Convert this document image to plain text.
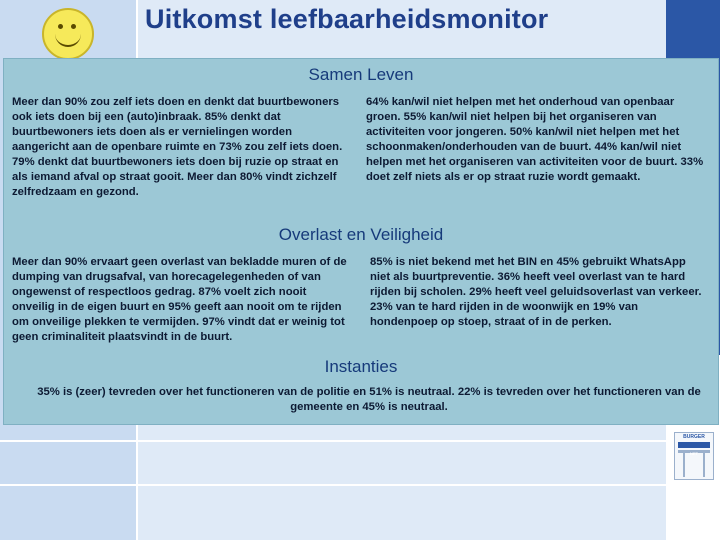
Uitkomst leefbaarheidsmonitor
Samen Leven
Meer dan 90% zou zelf iets doen en denkt dat buurtbewoners ook iets doen bij een (auto)inbraak. 85% denkt dat buurtbewoners iets doen als er vernielingen worden aangericht aan de openbare ruimte en 73% zou zelf iets doen. 79% denkt dat buurtbewoners iets doen bij ruzie op straat en als iemand afval op straat gooit. Meer dan 80% vindt zichzelf zelfredzaam en gezond.
64% kan/wil niet helpen met het onderhoud van openbaar groen. 55% kan/wil niet helpen bij het organiseren van activiteiten voor jongeren. 50% kan/wil niet helpen met het schoonmaken/onderhouden van de buurt. 44% kan/wil niet helpen met het organiseren van activiteiten voor de buurt. 33% doet zelf niets als er op straat ruzie wordt gemaakt.
Overlast en Veiligheid
Meer dan 90% ervaart geen overlast van bekladde muren of de dumping van drugsafval, van horecagelegenheden of van ongewenst of respectloos gedrag. 87% voelt zich nooit onveilig in de eigen buurt en 95% geeft aan nooit om te rijden om onveilige plekken te vermijden. 97% vindt dat er weinig tot geen criminaliteit plaatsvindt in de buurt.
85% is niet bekend met het BIN en 45% gebruikt WhatsApp niet als buurtpreventie. 36% heeft veel overlast van te hard rijden bij scholen. 29% heeft veel geluidsoverlast van verkeer. 23% van te hard rijden in de woonwijk en 19% van hondenpoep op stoep, straat of in de perken.
Instanties
35% is (zeer) tevreden over het functioneren van de politie en 51% is neutraal. 22% is tevreden over het functioneren van de gemeente en 45% is neutraal.
BURGER
NET
